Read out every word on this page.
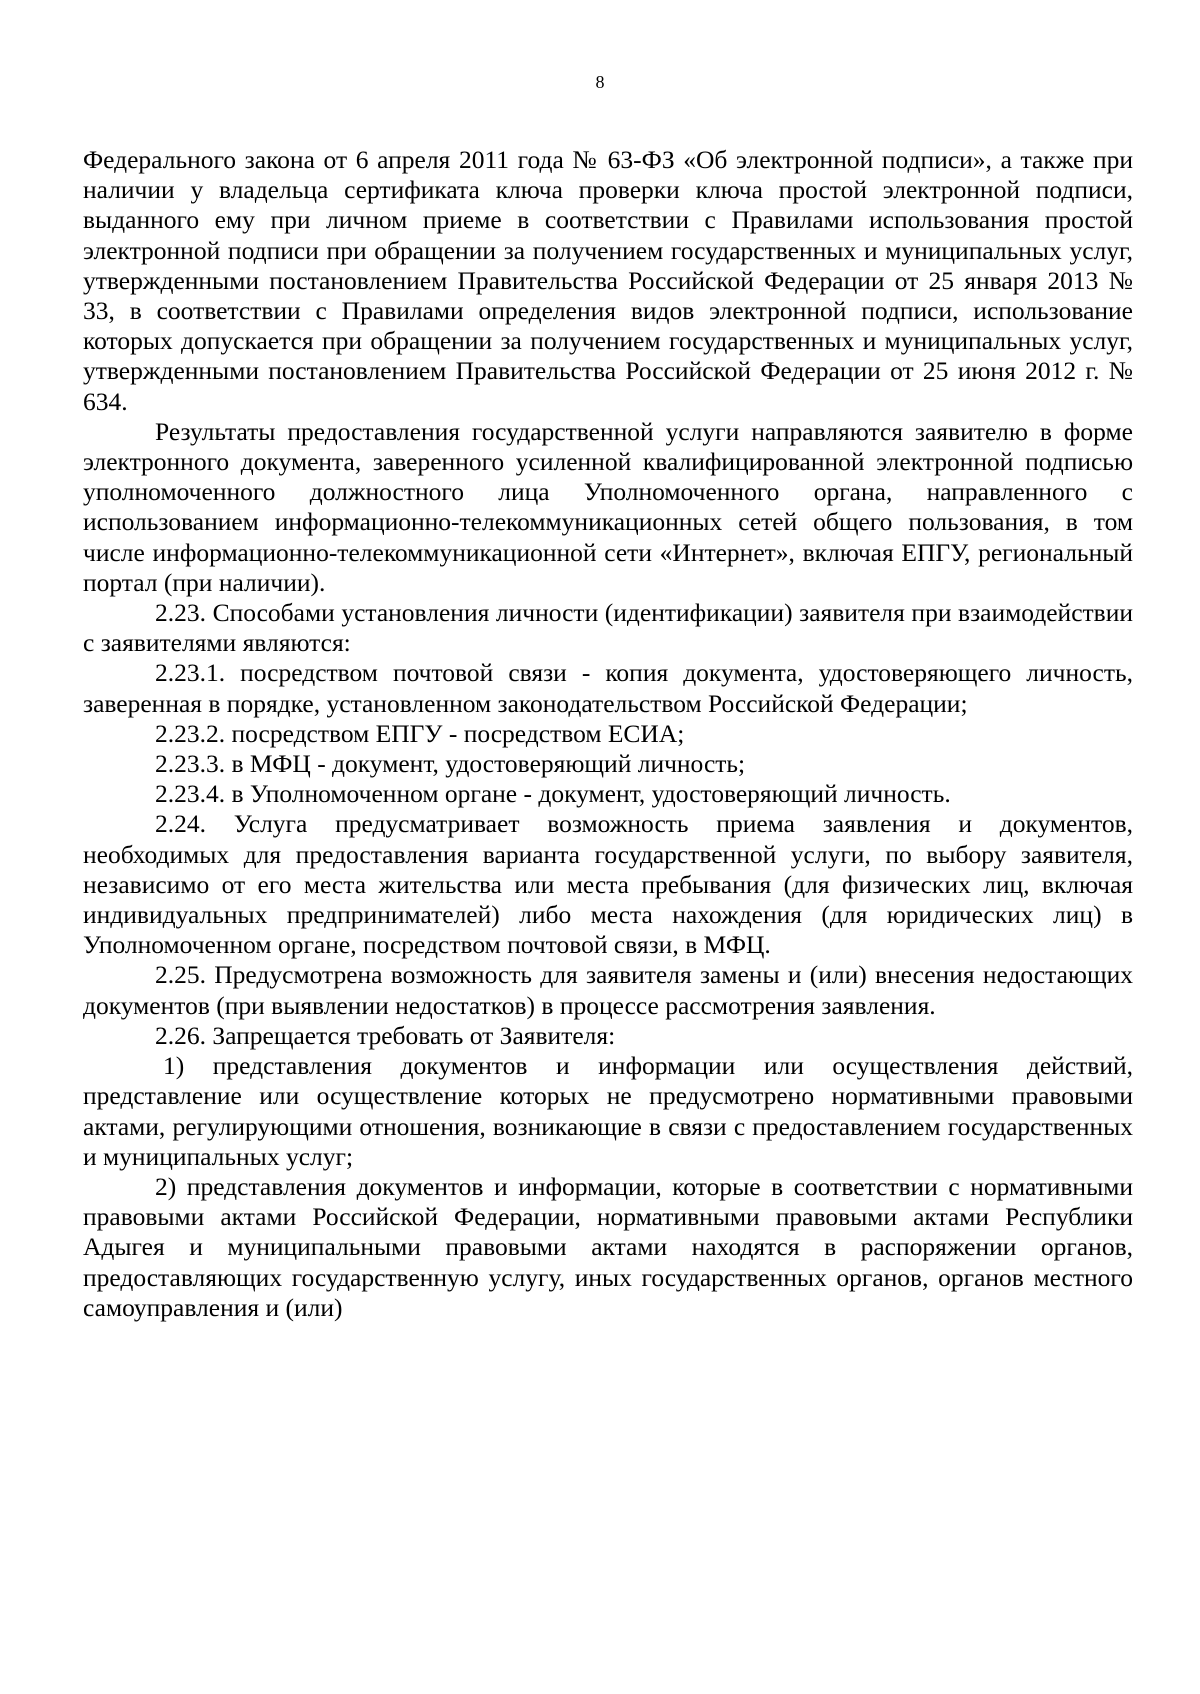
8

Федерального закона от 6 апреля 2011 года № 63-ФЗ «Об электронной подписи», а также при наличии у владельца сертификата ключа проверки ключа простой электронной подписи, выданного ему при личном приеме в соответствии с Правилами использования простой электронной подписи при обращении за получением государственных и муниципальных услуг, утвержденными постановлением Правительства Российской Федерации от 25 января 2013 № 33, в соответствии с Правилами определения видов электронной подписи, использование которых допускается при обращении за получением государственных и муниципальных услуг, утвержденными постановлением Правительства Российской Федерации от 25 июня 2012 г. № 634.

Результаты предоставления государственной услуги направляются заявителю в форме электронного документа, заверенного усиленной квалифицированной электронной подписью уполномоченного должностного лица Уполномоченного органа, направленного с использованием информационно-телекоммуникационных сетей общего пользования, в том числе информационно-телекоммуникационной сети «Интернет», включая ЕПГУ, региональный портал (при наличии).

2.23. Способами установления личности (идентификации) заявителя при взаимодействии с заявителями являются:

2.23.1. посредством почтовой связи - копия документа, удостоверяющего личность, заверенная в порядке, установленном законодательством Российской Федерации;

2.23.2. посредством ЕПГУ - посредством ЕСИА;

2.23.3. в МФЦ - документ, удостоверяющий личность;

2.23.4. в Уполномоченном органе - документ, удостоверяющий личность.

2.24. Услуга предусматривает возможность приема заявления и документов, необходимых для предоставления варианта государственной услуги, по выбору заявителя, независимо от его места жительства или места пребывания (для физических лиц, включая индивидуальных предпринимателей) либо места нахождения (для юридических лиц) в Уполномоченном органе, посредством почтовой связи, в МФЦ.

2.25. Предусмотрена возможность для заявителя замены и (или) внесения недостающих документов (при выявлении недостатков) в процессе рассмотрения заявления.

2.26. Запрещается требовать от Заявителя:

1) представления документов и информации или осуществления действий, представление или осуществление которых не предусмотрено нормативными правовыми актами, регулирующими отношения, возникающие в связи с предоставлением государственных и муниципальных услуг;

2) представления документов и информации, которые в соответствии с нормативными правовыми актами Российской Федерации, нормативными правовыми актами Республики Адыгея и муниципальными правовыми актами находятся в распоряжении органов, предоставляющих государственную услугу, иных государственных органов, органов местного самоуправления и (или)
